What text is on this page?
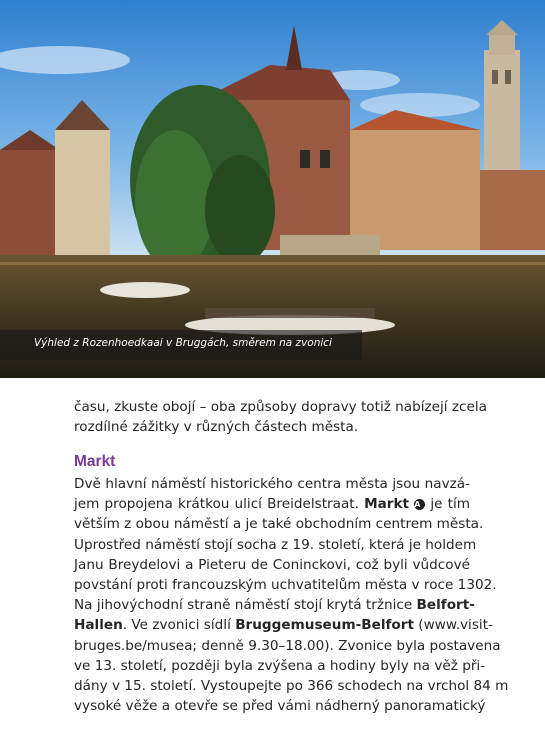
Výhled z Rozenhoedkaai v Bruggách, směrem na zvonici
času, zkuste obojí – oba způsoby dopravy totiž nabízejí zcela
rozdílné zážitky v různých částech města.
Markt
Dvě hlavní náměstí historického centra města jsou navzá-
jem propojena krátkou ulicí Breidelstraat. Markt A je tím
větším z obou náměstí a je také obchodním centrem města.
Uprostřed náměstí stojí socha z 19. století, která je holdem
Janu Breydelovi a Pieteru de Coninckovi, což byli vůdcové
povstání proti francouzským uchvatitelům města v roce 1302.
Na jihovýchodní straně náměstí stojí krytá tržnice Belfort-
Hallen. Ve zvonici sídlí Bruggemuseum-Belfort (www.visit-
bruges.be/musea; denně 9.30–18.00). Zvonice byla postavena
ve 13. století, později byla zvýšena a hodiny byly na věž při-
dány v 15. století. Vystoupejte po 366 schodech na vrchol 84 m
vysoké věže a otevře se před vámi nádherný panoramatický
